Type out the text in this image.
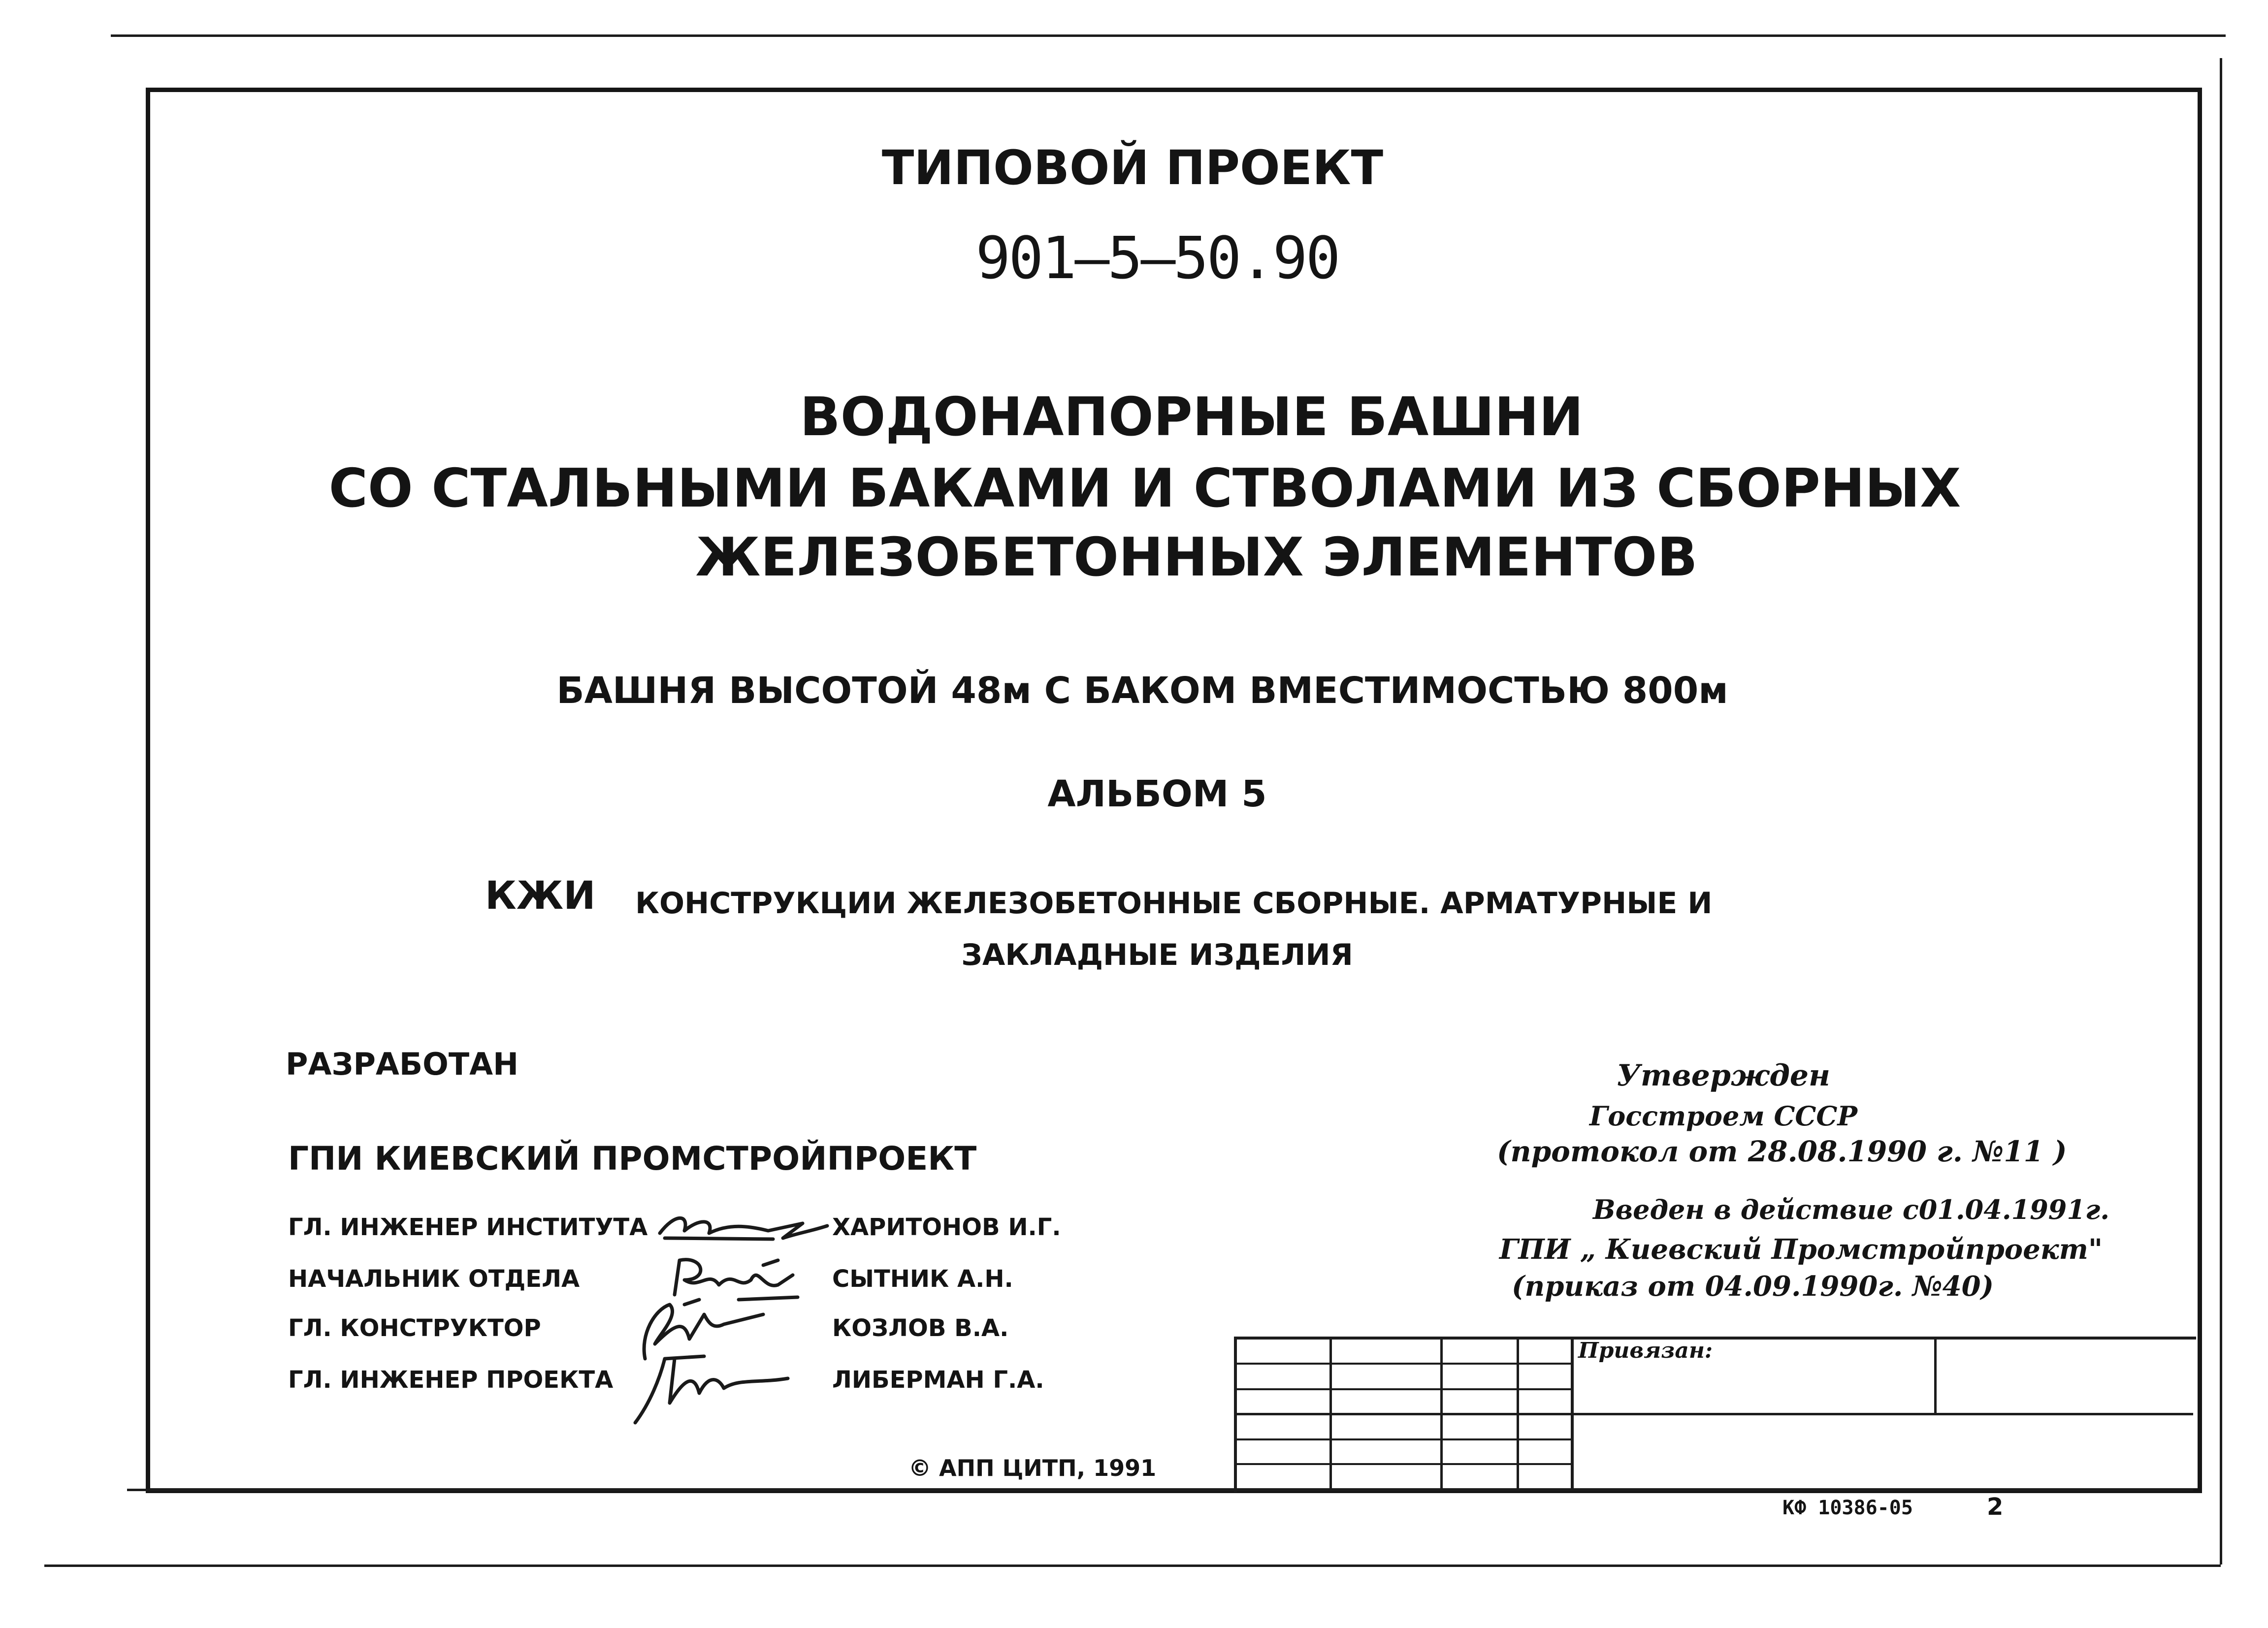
ТИПОВОЙ ПРОЕКТ
901—5—50.90
ВОДОНАПОРНЫЕ БАШНИ
СО СТАЛЬНЫМИ БАКАМИ И СТВОЛАМИ ИЗ СБОРНЫХ
ЖЕЛЕЗОБЕТОННЫХ ЭЛЕМЕНТОВ
БАШНЯ ВЫСОТОЙ 48м С БАКОМ ВМЕСТИМОСТЬЮ 800м
АЛЬБОМ 5
КЖИ КОНСТРУКЦИИ ЖЕЛЕЗОБЕТОННЫЕ СБОРНЫЕ. АРМАТУРНЫЕ И
ЗАКЛАДНЫЕ ИЗДЕЛИЯ
РАЗРАБОТАН
ГПИ КИЕВСКИЙ ПРОМСТРОЙПРОЕКТ
ГЛ. ИНЖЕНЕР ИНСТИТУТА
НАЧАЛЬНИК ОТДЕЛА
ГЛ. КОНСТРУКТОР
ГЛ. ИНЖЕНЕР ПРОЕКТА
ХАРИТОНОВ И.Г.
СЫТНИК А.Н.
КОЗЛОВ В.А.
ЛИБЕРМАН Г.А.
Утвержден
Госстроем СССР
(протокол от 28.08.1990 г. №11 )
Введен в действие с01.04.1991г.
ГПИ „ Киевский Промстройпроект"
(приказ от 04.09.1990г. №40)
Привязан:
© АПП ЦИТП, 1991
КФ 10386-05	2
